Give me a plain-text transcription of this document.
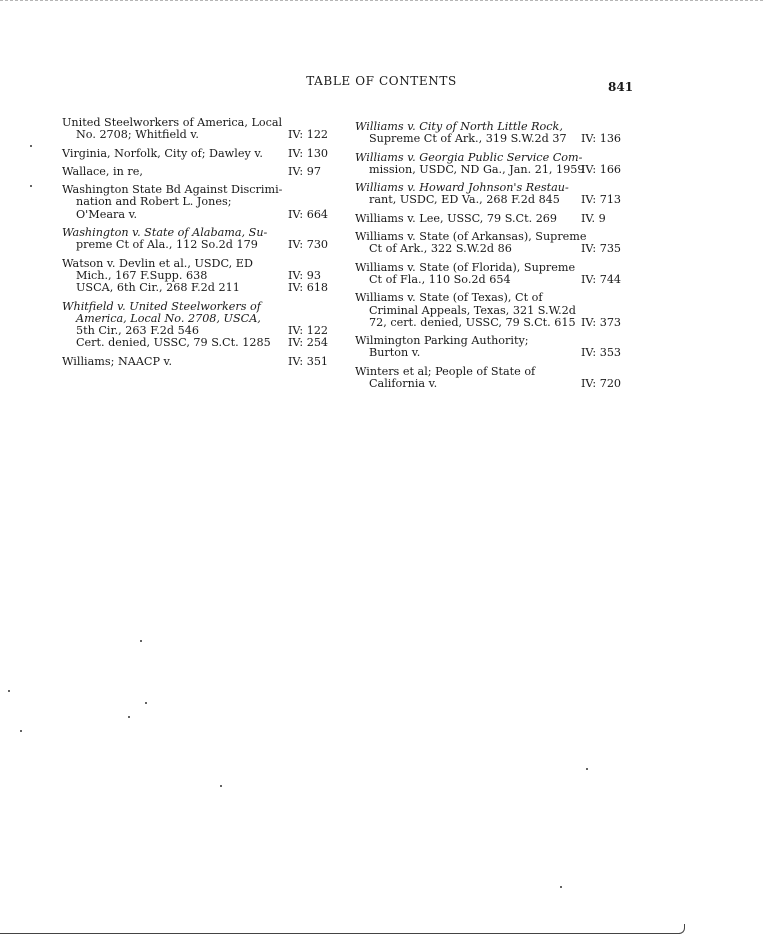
TABLE OF CONTENTS	841
United Steelworkers of America, Local
No. 2708; Whitfield v.	IV: 122
Virginia, Norfolk, City of; Dawley v. IV: 130
Wallace, in re,	IV: 97
Washington State Bd Against Discrimi-
nation and Robert L. Jones;
O'Meara v.	IV: 664
Washington v. State of Alabama, Su-
preme Ct of Ala., 112 So.2d 179	IV: 730
Watson v. Devlin et al., USDC, ED
Mich., 167 F.Supp. 638	IV: 93
USCA, 6th Cir., 268 F.2d 211	IV: 618
Whitfield v. United Steelworkers of
America, Local No. 2708, USCA,
5th Cir., 263 F.2d 546	IV: 122
Cert. denied, USSC, 79 S.Ct. 1285 IV: 254
Williams; NAACP v.	IV: 351
Williams v. City of North Little Rock,
Supreme Ct of Ark., 319 S.W.2d 37 IV: 136
Williams v. Georgia Public Service Com-
mission, USDC, ND Ga., Jan. 21, 1959
IV: 166
Williams v. Howard Johnson's Restau-
rant, USDC, ED Va., 268 F.2d 845 IV: 713
Williams v. Lee, USSC, 79 S.Ct. 269 IV. 9
Williams v. State (of Arkansas), Supreme
Ct of Ark., 322 S.W.2d 86	IV: 735
Williams v. State (of Florida), Supreme
Ct of Fla., 110 So.2d 654	IV: 744
Williams v. State (of Texas), Ct of
Criminal Appeals, Texas, 321 S.W.2d
72, cert. denied, USSC, 79 S.Ct. 615 IV: 373
Wilmington Parking Authority;
Burton v.	IV: 353
Winters et al; People of State of
California v.	IV: 720
